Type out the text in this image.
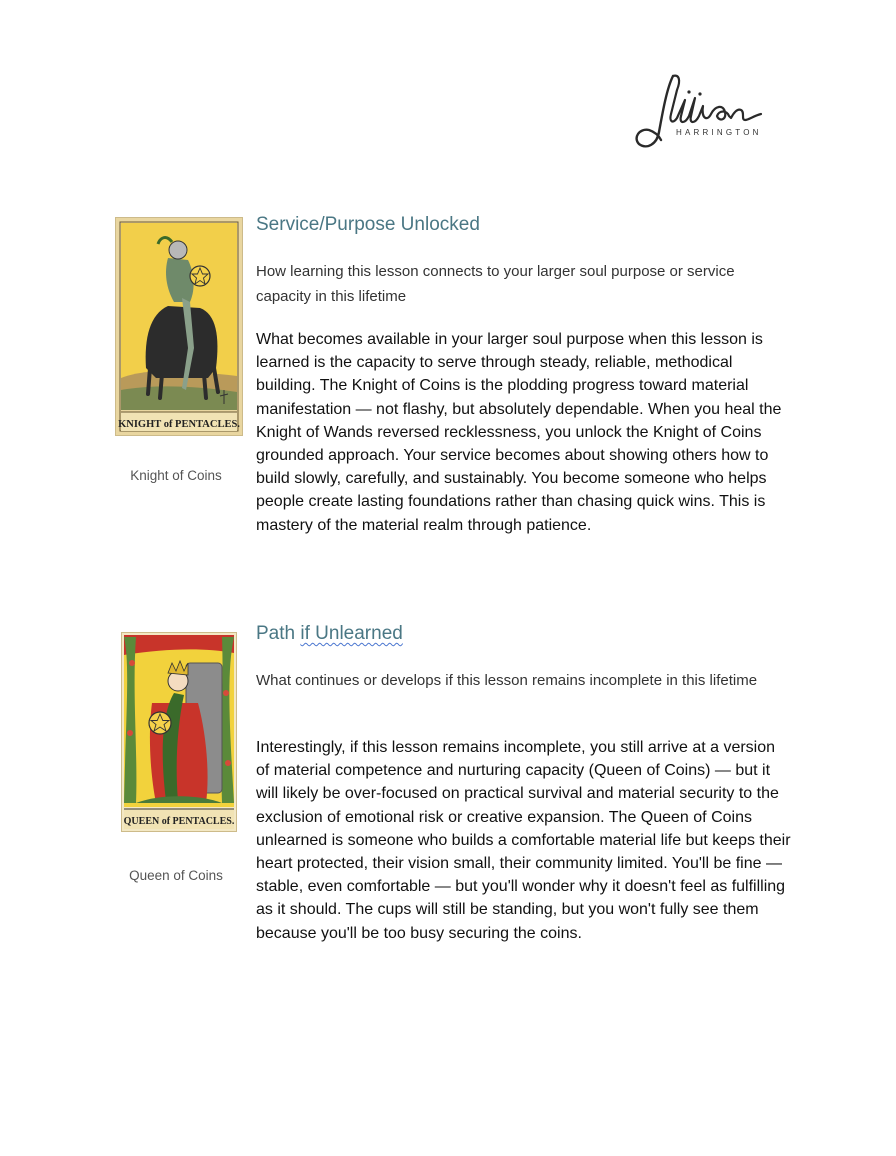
HARRINGTON
KNIGHT of PENTACLES.
Knight of Coins
Service/Purpose Unlocked
How learning this lesson connects to your larger soul purpose or service capacity in this lifetime
What becomes available in your larger soul purpose when this lesson is learned is the capacity to serve through steady, reliable, methodical building. The Knight of Coins is the plodding progress toward material manifestation — not flashy, but absolutely dependable. When you heal the Knight of Wands reversed recklessness, you unlock the Knight of Coins grounded approach. Your service becomes about showing others how to build slowly, carefully, and sustainably. You become someone who helps people create lasting foundations rather than chasing quick wins. This is mastery of the material realm through patience.
QUEEN of PENTACLES.
Queen of Coins
Path if Unlearned
What continues or develops if this lesson remains incomplete in this lifetime
Interestingly, if this lesson remains incomplete, you still arrive at a version of material competence and nurturing capacity (Queen of Coins) — but it will likely be over-focused on practical survival and material security to the exclusion of emotional risk or creative expansion. The Queen of Coins unlearned is someone who builds a comfortable material life but keeps their heart protected, their vision small, their community limited. You'll be fine — stable, even comfortable — but you'll wonder why it doesn't feel as fulfilling as it should. The cups will still be standing, but you won't fully see them because you'll be too busy securing the coins.
